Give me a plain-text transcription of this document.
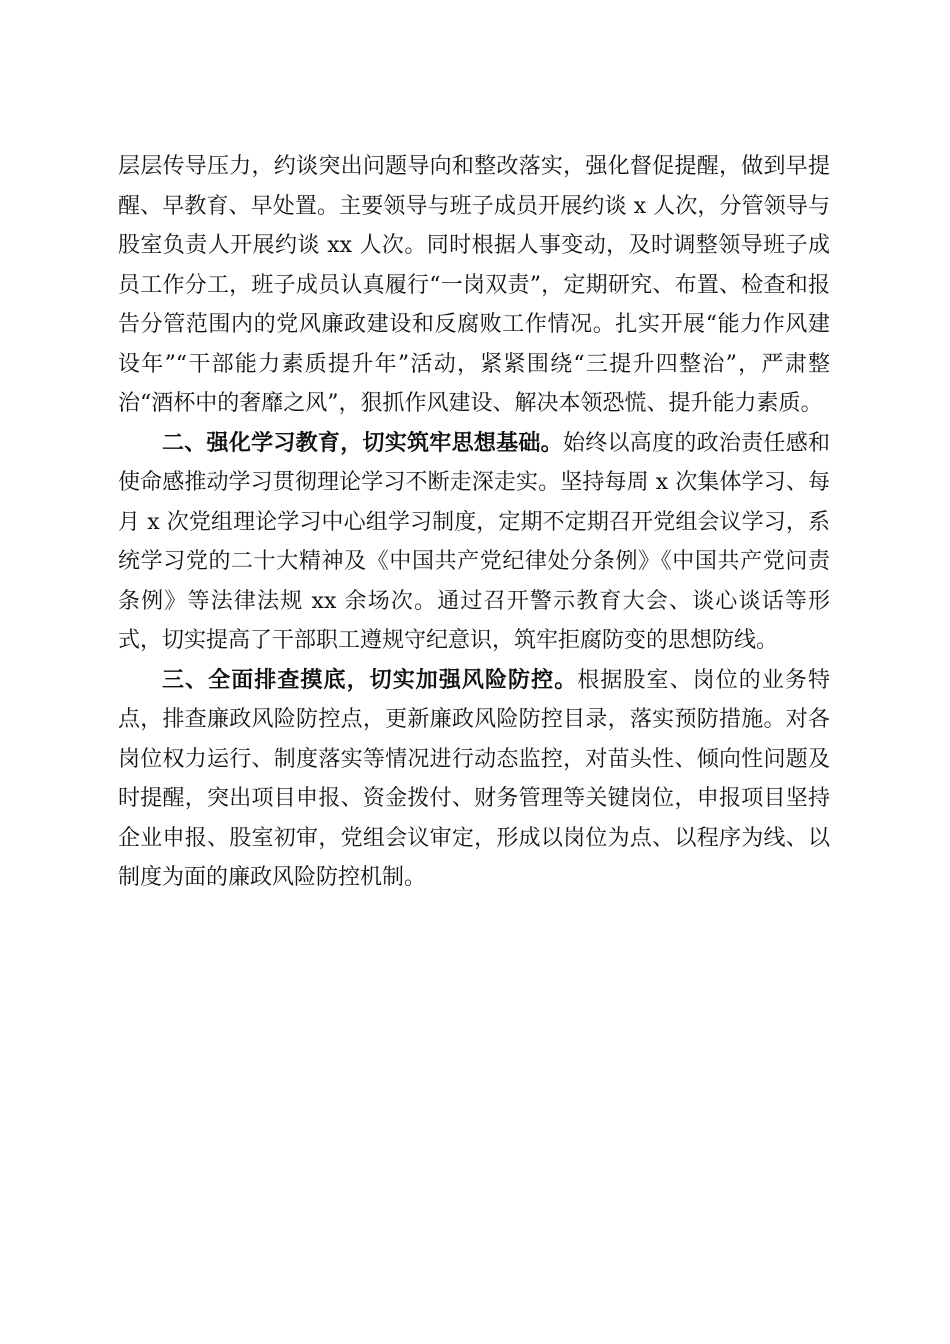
层层传导压力，约谈突出问题导向和整改落实，强化督促提醒，做到早提醒、早教育、早处置。主要领导与班子成员开展约谈 x 人次，分管领导与股室负责人开展约谈 xx 人次。同时根据人事变动，及时调整领导班子成员工作分工，班子成员认真履行“一岗双责”，定期研究、布置、检查和报告分管范围内的党风廉政建设和反腐败工作情况。扎实开展“能力作风建设年”“干部能力素质提升年”活动，紧紧围绕“三提升四整治”，严肃整治“酒杯中的奢靡之风”，狠抓作风建设、解决本领恐慌、提升能力素质。

二、强化学习教育，切实筑牢思想基础。始终以高度的政治责任感和使命感推动学习贯彻理论学习不断走深走实。坚持每周 x 次集体学习、每月 x 次党组理论学习中心组学习制度，定期不定期召开党组会议学习，系统学习党的二十大精神及《中国共产党纪律处分条例》《中国共产党问责条例》等法律法规 xx 余场次。通过召开警示教育大会、谈心谈话等形式，切实提高了干部职工遵规守纪意识，筑牢拒腐防变的思想防线。

三、全面排查摸底，切实加强风险防控。根据股室、岗位的业务特点，排查廉政风险防控点，更新廉政风险防控目录，落实预防措施。对各岗位权力运行、制度落实等情况进行动态监控，对苗头性、倾向性问题及时提醒，突出项目申报、资金拨付、财务管理等关键岗位，申报项目坚持企业申报、股室初审，党组会议审定，形成以岗位为点、以程序为线、以制度为面的廉政风险防控机制。
